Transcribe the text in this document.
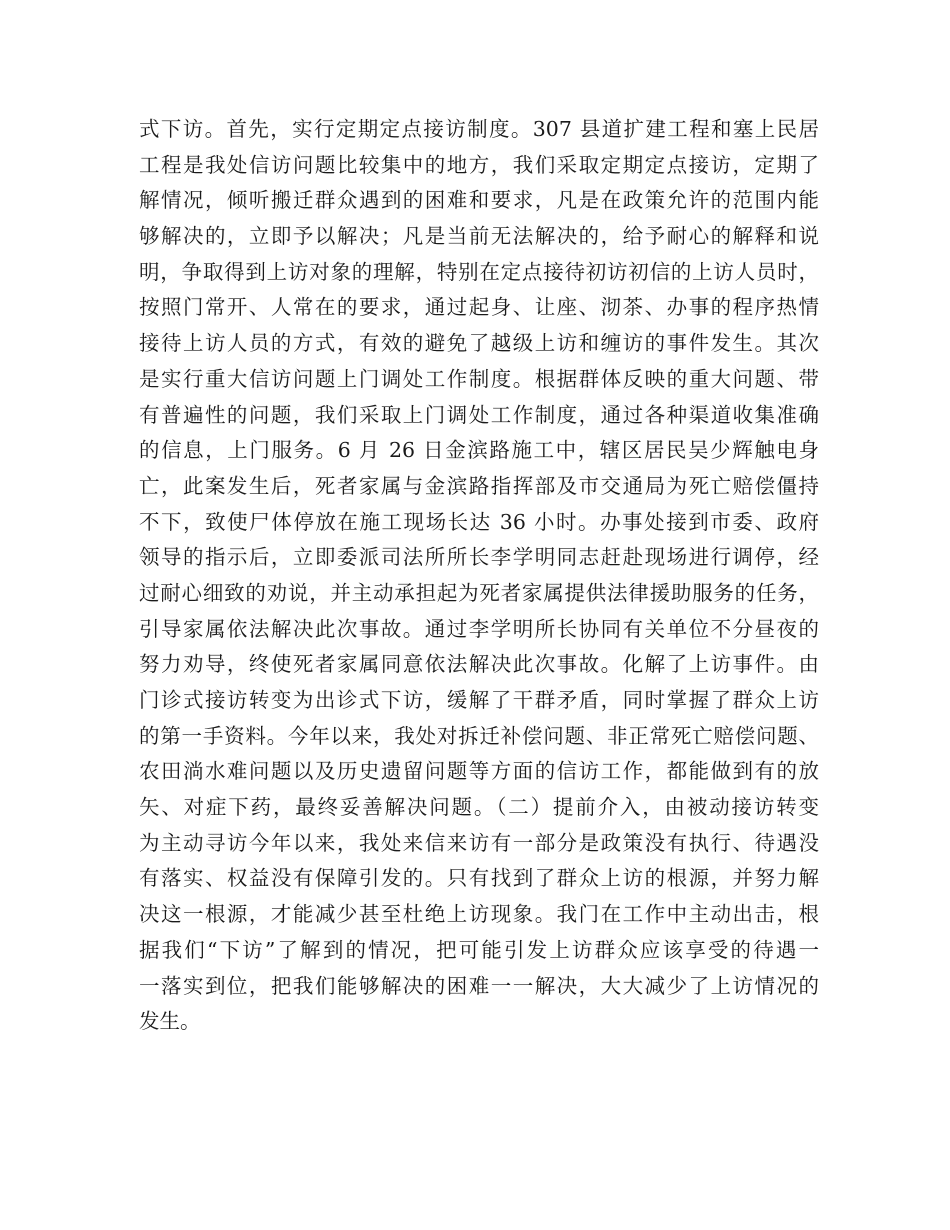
式下访。首先，实行定期定点接访制度。307 县道扩建工程和塞上民居
工程是我处信访问题比较集中的地方，我们采取定期定点接访，定期了
解情况，倾听搬迁群众遇到的困难和要求，凡是在政策允许的范围内能
够解决的，立即予以解决；凡是当前无法解决的，给予耐心的解释和说
明，争取得到上访对象的理解，特别在定点接待初访初信的上访人员时，
按照门常开、人常在的要求，通过起身、让座、沏茶、办事的程序热情
接待上访人员的方式，有效的避免了越级上访和缠访的事件发生。其次
是实行重大信访问题上门调处工作制度。根据群体反映的重大问题、带
有普遍性的问题，我们采取上门调处工作制度，通过各种渠道收集准确
的信息，上门服务。6 月 26 日金滨路施工中，辖区居民吴少辉触电身
亡，此案发生后，死者家属与金滨路指挥部及市交通局为死亡赔偿僵持
不下，致使尸体停放在施工现场长达 36 小时。办事处接到市委、政府
领导的指示后，立即委派司法所所长李学明同志赶赴现场进行调停，经
过耐心细致的劝说，并主动承担起为死者家属提供法律援助服务的任务，
引导家属依法解决此次事故。通过李学明所长协同有关单位不分昼夜的
努力劝导，终使死者家属同意依法解决此次事故。化解了上访事件。由
门诊式接访转变为出诊式下访，缓解了干群矛盾，同时掌握了群众上访
的第一手资料。今年以来，我处对拆迁补偿问题、非正常死亡赔偿问题、
农田淌水难问题以及历史遗留问题等方面的信访工作，都能做到有的放
矢、对症下药，最终妥善解决问题。（二）提前介入，由被动接访转变
为主动寻访今年以来，我处来信来访有一部分是政策没有执行、待遇没
有落实、权益没有保障引发的。只有找到了群众上访的根源，并努力解
决这一根源，才能减少甚至杜绝上访现象。我门在工作中主动出击，根
据我们“下访”了解到的情况，把可能引发上访群众应该享受的待遇一
一落实到位，把我们能够解决的困难一一解决，大大减少了上访情况的
发生。
